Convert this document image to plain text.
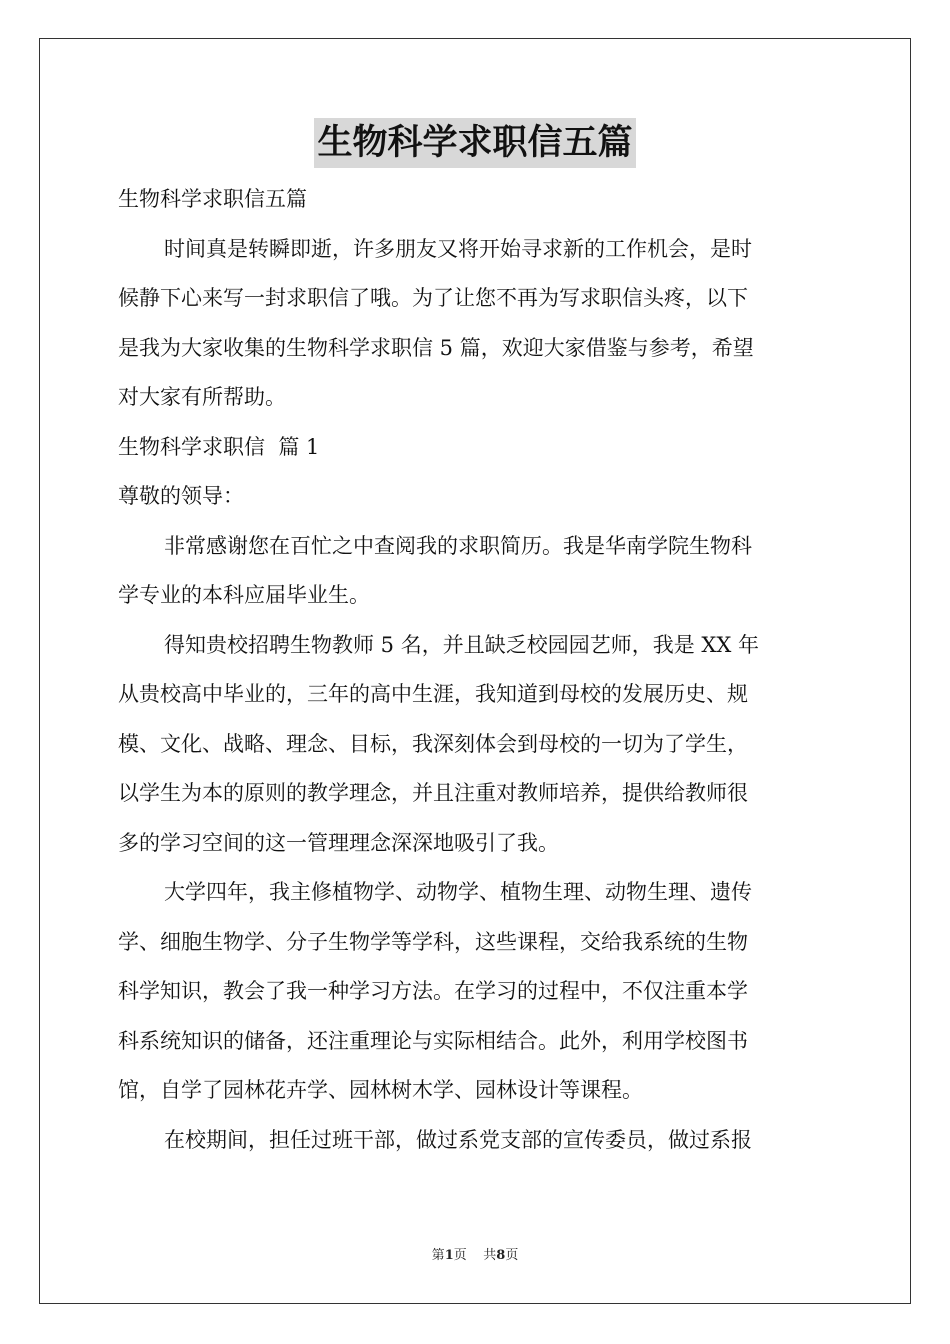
生物科学求职信五篇
生物科学求职信五篇
时间真是转瞬即逝，许多朋友又将开始寻求新的工作机会，是时
候静下心来写一封求职信了哦。为了让您不再为写求职信头疼，以下
是我为大家收集的生物科学求职信 5 篇，欢迎大家借鉴与参考，希望
对大家有所帮助。
生物科学求职信  篇 1
尊敬的领导：
非常感谢您在百忙之中查阅我的求职简历。我是华南学院生物科
学专业的本科应届毕业生。
得知贵校招聘生物教师 5 名，并且缺乏校园园艺师，我是 XX 年
从贵校高中毕业的，三年的高中生涯，我知道到母校的发展历史、规
模、文化、战略、理念、目标，我深刻体会到母校的一切为了学生，
以学生为本的原则的教学理念，并且注重对教师培养，提供给教师很
多的学习空间的这一管理理念深深地吸引了我。
大学四年，我主修植物学、动物学、植物生理、动物生理、遗传
学、细胞生物学、分子生物学等学科，这些课程，交给我系统的生物
科学知识，教会了我一种学习方法。在学习的过程中，不仅注重本学
科系统知识的储备，还注重理论与实际相结合。此外，利用学校图书
馆，自学了园林花卉学、园林树木学、园林设计等课程。
在校期间，担任过班干部，做过系党支部的宣传委员，做过系报
第1页    共8页
